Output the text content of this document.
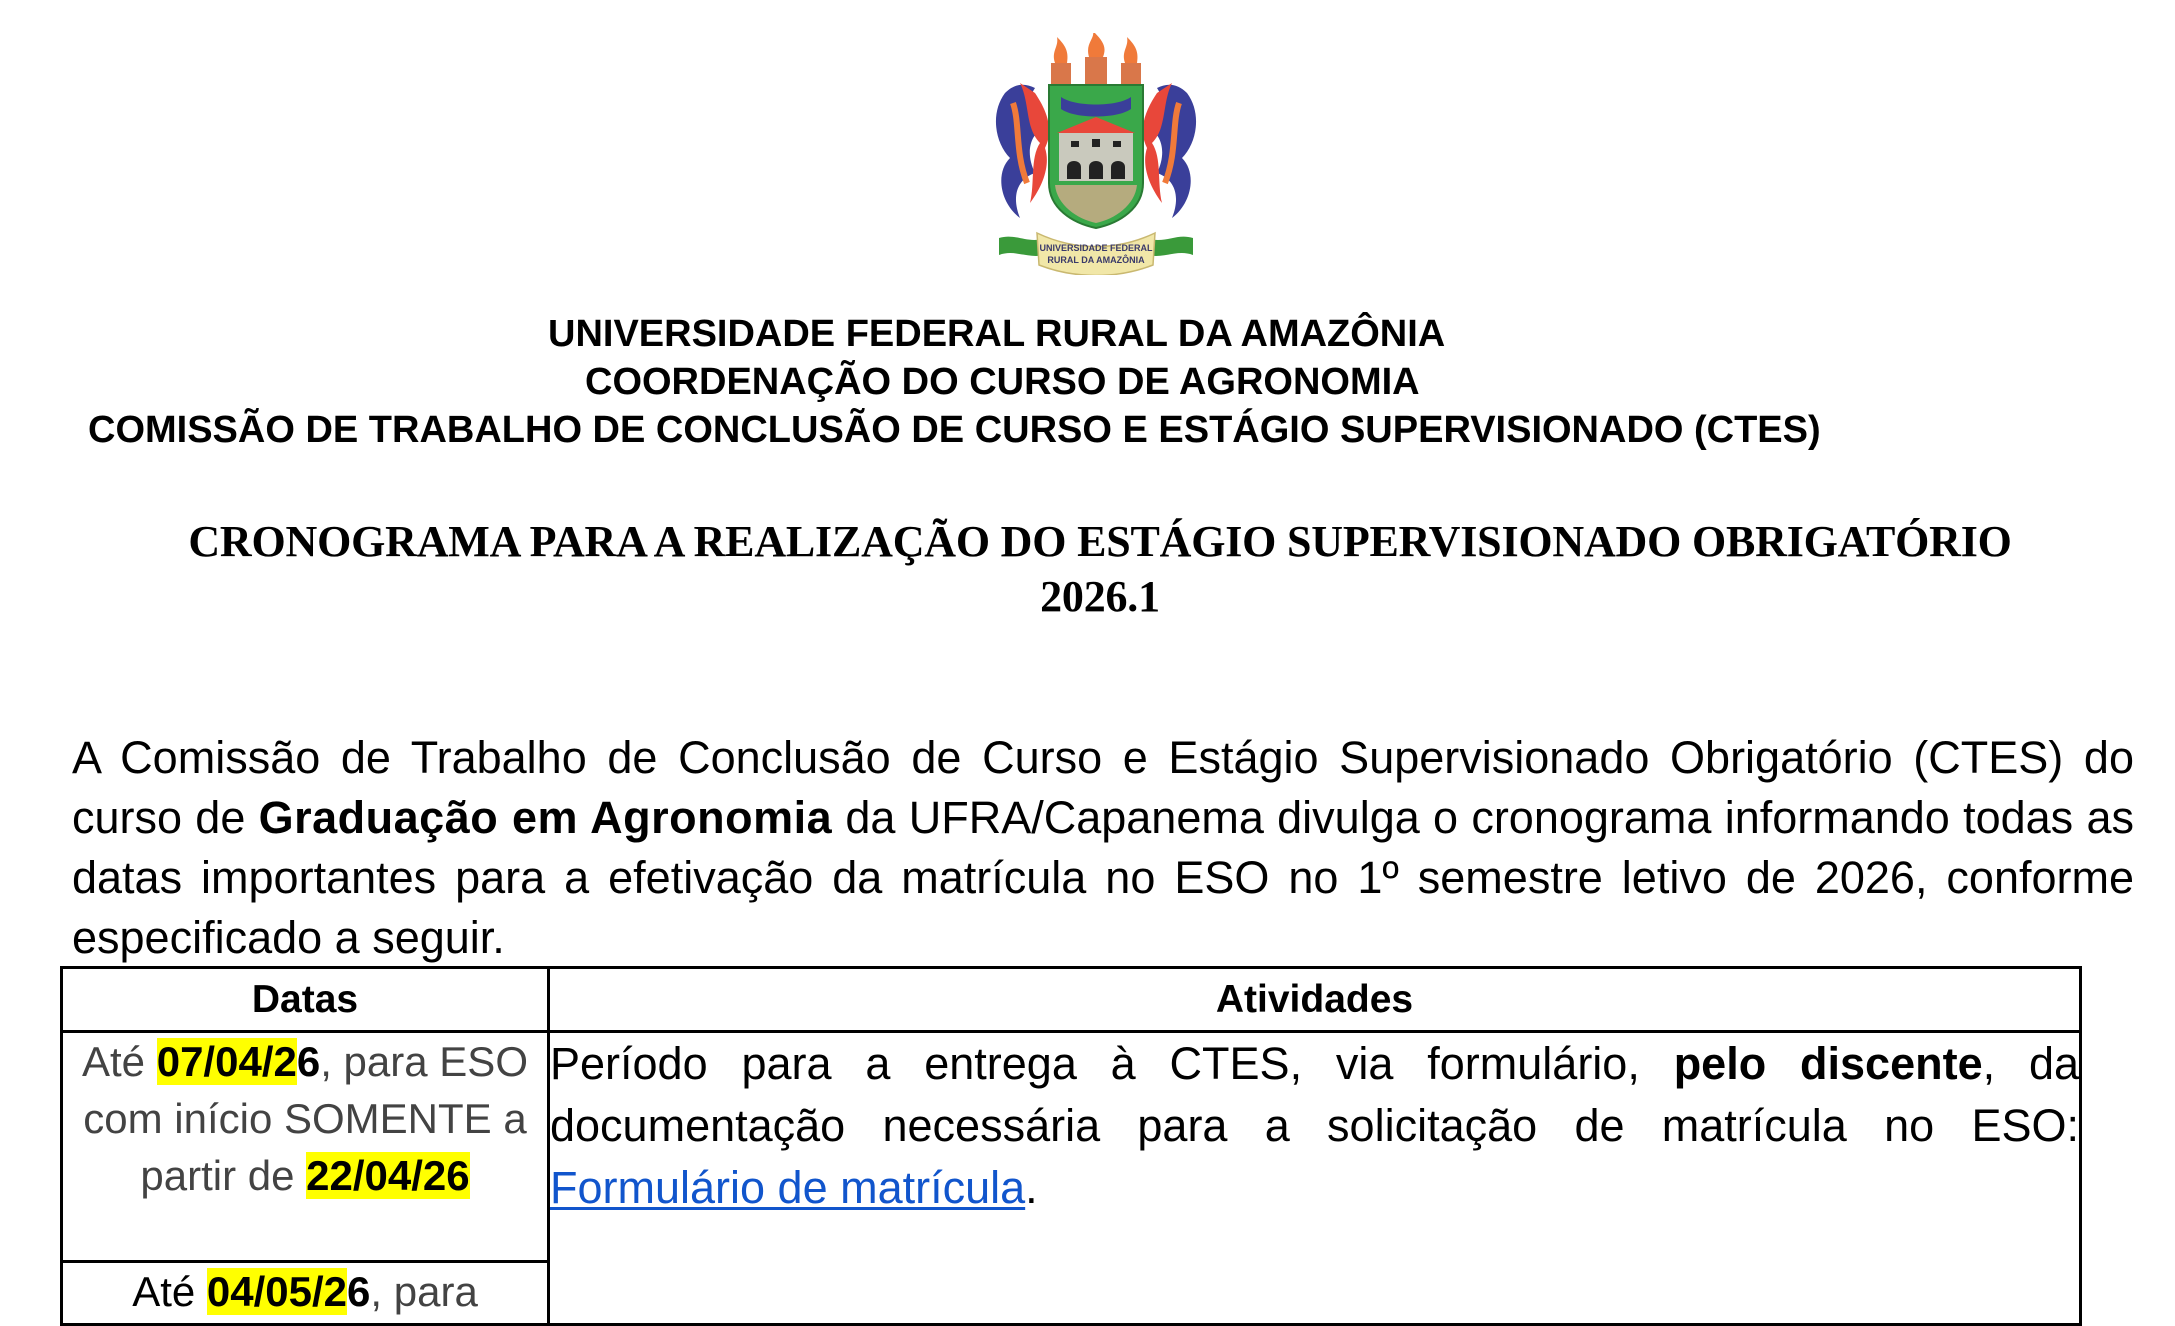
UNIVERSIDADE FEDERAL
RURAL DA AMAZÔNIA
UNIVERSIDADE FEDERAL RURAL DA AMAZÔNIA
COORDENAÇÃO DO CURSO DE AGRONOMIA
COMISSÃO DE TRABALHO DE CONCLUSÃO DE CURSO E ESTÁGIO SUPERVISIONADO (CTES)
CRONOGRAMA PARA A REALIZAÇÃO DO ESTÁGIO SUPERVISIONADO OBRIGATÓRIO
2026.1

A Comissão de Trabalho de Conclusão de Curso e Estágio Supervisionado Obrigatório (CTES) do curso de Graduação em Agronomia da UFRA/Capanema divulga o cronograma informando todas as datas importantes para a efetivação da matrícula no ESO no 1º semestre letivo de 2026, conforme especificado a seguir.

Datas	Atividades
Até 07/04/26, para ESO com início SOMENTE a partir de 22/04/26	Período para a entrega à CTES, via formulário, pelo discente, da documentação necessária para a solicitação de matrícula no ESO: Formulário de matrícula.
Até 04/05/26, para	
